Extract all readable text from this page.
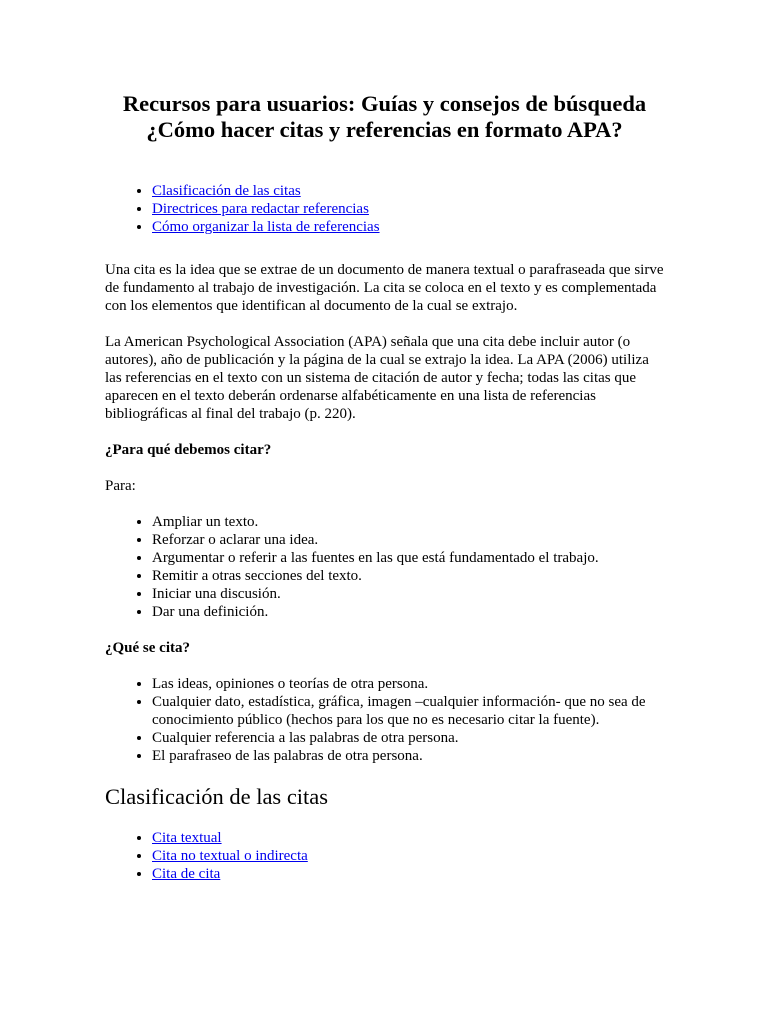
Recursos para usuarios: Guías y consejos de búsqueda
¿Cómo hacer citas y referencias en formato APA?
• Clasificación de las citas
• Directrices para redactar referencias
• Cómo organizar la lista de referencias

Una cita es la idea que se extrae de un documento de manera textual o parafraseada que sirve de fundamento al trabajo de investigación. La cita se coloca en el texto y es complementada con los elementos que identifican al documento de la cual se extrajo.

La American Psychological Association (APA) señala que una cita debe incluir autor (o autores), año de publicación y la página de la cual se extrajo la idea. La APA (2006) utiliza las referencias en el texto con un sistema de citación de autor y fecha; todas las citas que aparecen en el texto deberán ordenarse alfabéticamente en una lista de referencias bibliográficas al final del trabajo (p. 220).

¿Para qué debemos citar?

Para:

• Ampliar un texto.
• Reforzar o aclarar una idea.
• Argumentar o referir a las fuentes en las que está fundamentado el trabajo.
• Remitir a otras secciones del texto.
• Iniciar una discusión.
• Dar una definición.
¿Qué se cita?
• Las ideas, opiniones o teorías de otra persona.
• Cualquier dato, estadística, gráfica, imagen –cualquier información- que no sea de conocimiento público (hechos para los que no es necesario citar la fuente).
• Cualquier referencia a las palabras de otra persona.
• El parafraseo de las palabras de otra persona.
Clasificación de las citas
• Cita textual
• Cita no textual o indirecta
• Cita de cita
